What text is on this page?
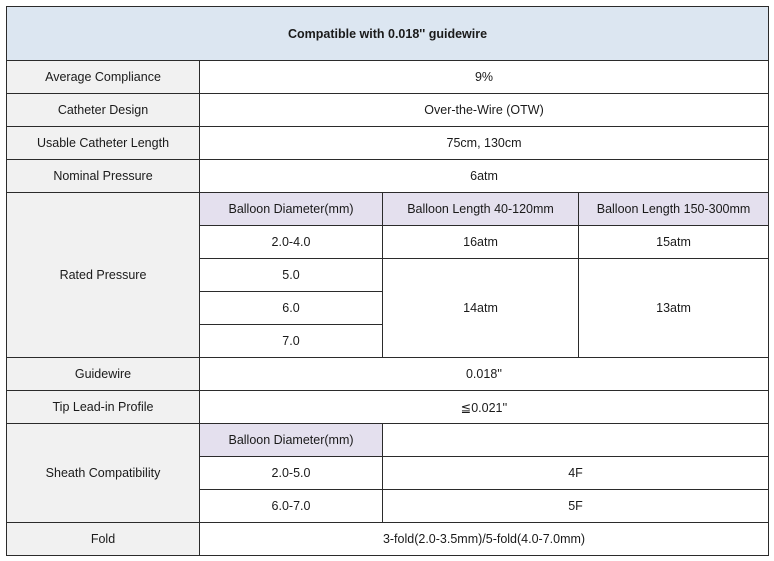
Compatible with 0.018'' guidewire			
Average Compliance	9%		
Catheter Design	Over-the-Wire (OTW)		
Usable Catheter Length	75cm, 130cm		
Nominal Pressure	6atm		
Rated Pressure	Balloon Diameter(mm)	Balloon Length 40-120mm	Balloon Length 150-300mm
	2.0-4.0	16atm	15atm
	5.0	14atm	13atm
	6.0		
	7.0		

Guidewire	0.018''		
Tip Lead-in Profile	≦0.021''		
Sheath Compatibility	Balloon Diameter(mm)		
	2.0-5.0	4F	
	6.0-7.0	5F	
Fold	3-fold(2.0-3.5mm)/5-fold(4.0-7.0mm)		
